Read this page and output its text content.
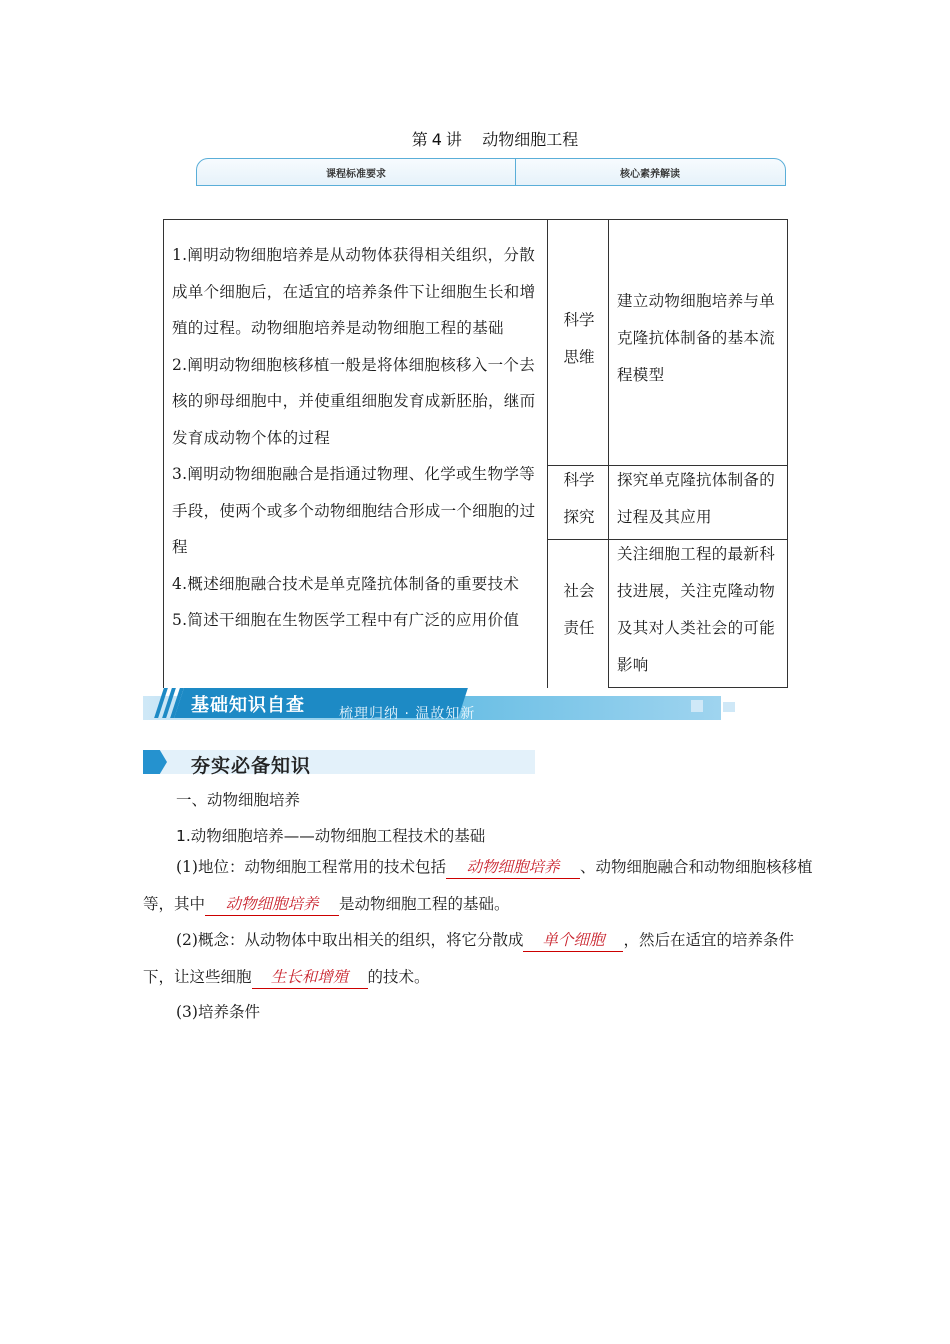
第 4 讲 动物细胞工程
课程标准要求	核心素养解读

1.阐明动物细胞培养是从动物体获得相关组织，分散成单个细胞后，在适宜的培养条件下让细胞生长和增殖的过程。动物细胞培养是动物细胞工程的基础

2.阐明动物细胞核移植一般是将体细胞核移入一个去核的卵母细胞中，并使重组细胞发育成新胚胎，继而发育成动物个体的过程

3.阐明动物细胞融合是指通过物理、化学或生物学等手段，使两个或多个动物细胞结合形成一个细胞的过程

4.概述细胞融合技术是单克隆抗体制备的重要技术

5.简述干细胞在生物医学工程中有广泛的应用价值

科学
思维
建立动物细胞培养与单克隆抗体制备的基本流程模型
科学
探究
探究单克隆抗体制备的过程及其应用
社会
责任
关注细胞工程的最新科技进展，关注克隆动物及其对人类社会的可能影响
基础知识自查 梳理归纳 · 温故知新
夯实必备知识
一、动物细胞培养
1.动物细胞培养——动物细胞工程技术的基础
(1)地位：动物细胞工程常用的技术包括 动物细胞培养 、动物细胞融合和动物细胞核移植等，其中 动物细胞培养 是动物细胞工程的基础。
(2)概念：从动物体中取出相关的组织，将它分散成 单个细胞 ，然后在适宜的培养条件下，让这些细胞 生长和增殖 的技术。
(3)培养条件
